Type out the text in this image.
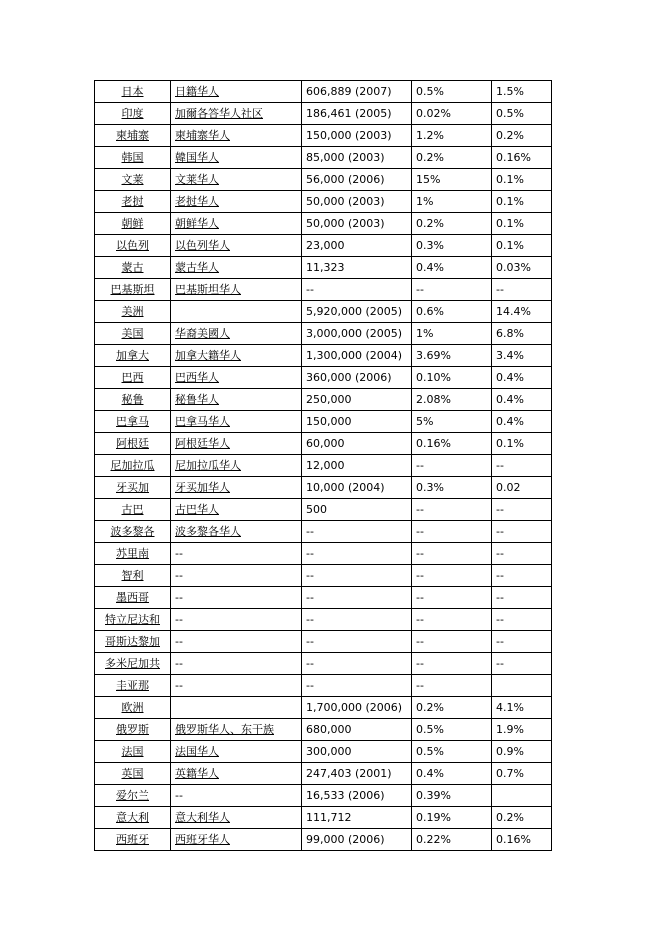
日本	日籍华人	606,889 (2007)	0.5%	1.5%
印度	加爾各答华人社区	186,461 (2005)	0.02%	0.5%
柬埔寨	柬埔寨华人	150,000 (2003)	1.2%	0.2%
韩国	韓国华人	85,000 (2003)	0.2%	0.16%
文莱	文莱华人	56,000 (2006)	15%	0.1%
老挝	老挝华人	50,000 (2003)	1%	0.1%
朝鲜	朝鲜华人	50,000 (2003)	0.2%	0.1%
以色列	以色列华人	23,000	0.3%	0.1%
蒙古	蒙古华人	11,323	0.4%	0.03%
巴基斯坦	巴基斯坦华人	--	--	--
美洲		5,920,000 (2005)	0.6%	14.4%
美国	华裔美國人	3,000,000 (2005)	1%	6.8%
加拿大	加拿大籍华人	1,300,000 (2004)	3.69%	3.4%
巴西	巴西华人	360,000 (2006)	0.10%	0.4%
秘鲁	秘鲁华人	250,000	2.08%	0.4%
巴拿马	巴拿马华人	150,000	5%	0.4%
阿根廷	阿根廷华人	60,000	0.16%	0.1%
尼加拉瓜	尼加拉瓜华人	12,000	--	--
牙买加	牙买加华人	10,000 (2004)	0.3%	0.02
古巴	古巴华人	500	--	--
波多黎各	波多黎各华人	--	--	--
苏里南	--	--	--	--
智利	--	--	--	--
墨西哥	--	--	--	--
特立尼达和	--	--	--	--
哥斯达黎加	--	--	--	--
多米尼加共	--	--	--	--
圭亚那	--	--	--	
欧洲		1,700,000 (2006)	0.2%	4.1%
俄罗斯	俄罗斯华人、东干族	680,000	0.5%	1.9%
法国	法国华人	300,000	0.5%	0.9%
英国	英籍华人	247,403 (2001)	0.4%	0.7%
爱尔兰	--	16,533 (2006)	0.39%	
意大利	意大利华人	111,712	0.19%	0.2%
西班牙	西班牙华人	99,000 (2006)	0.22%	0.16%
